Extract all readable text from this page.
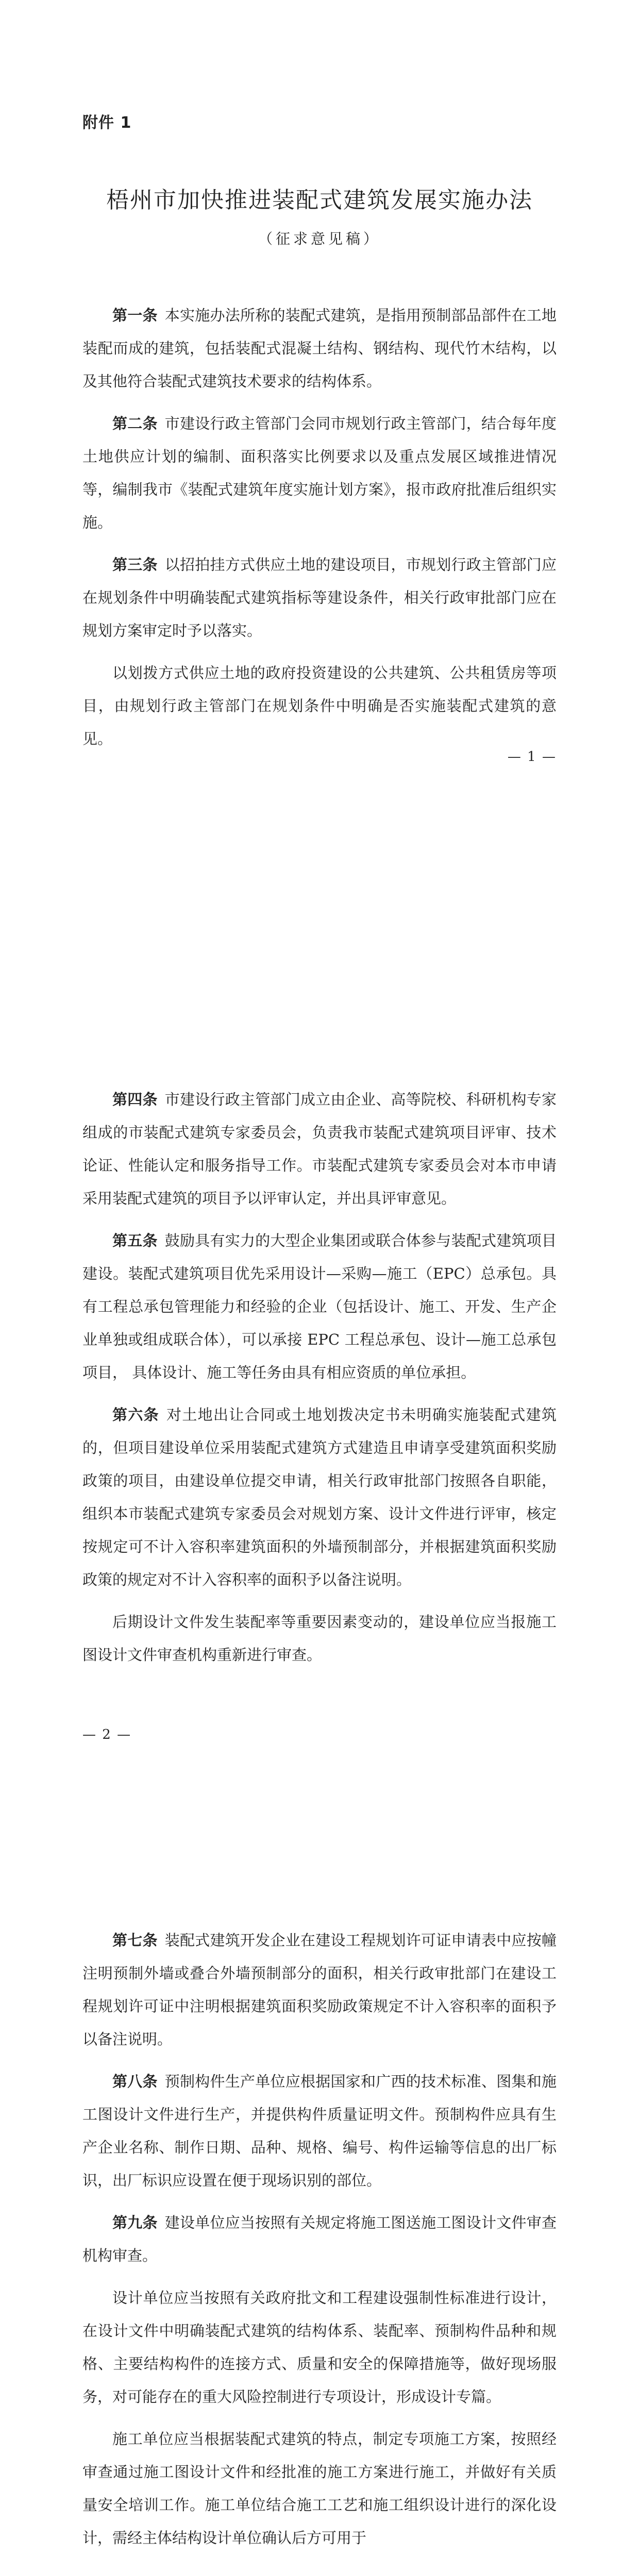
附件 1
梧州市加快推进装配式建筑发展实施办法
（征求意见稿）

第一条 本实施办法所称的装配式建筑，是指用预制部品部件在工地装配而成的建筑，包括装配式混凝土结构、钢结构、现代竹木结构，以及其他符合装配式建筑技术要求的结构体系。

第二条 市建设行政主管部门会同市规划行政主管部门，结合每年度土地供应计划的编制、面积落实比例要求以及重点发展区域推进情况等，编制我市《装配式建筑年度实施计划方案》，报市政府批准后组织实施。

第三条 以招拍挂方式供应土地的建设项目，市规划行政主管部门应在规划条件中明确装配式建筑指标等建设条件，相关行政审批部门应在规划方案审定时予以落实。

以划拨方式供应土地的政府投资建设的公共建筑、公共租赁房等项目，由规划行政主管部门在规划条件中明确是否实施装配式建筑的意见。

— 1 —

第四条 市建设行政主管部门成立由企业、高等院校、科研机构专家组成的市装配式建筑专家委员会，负责我市装配式建筑项目评审、技术论证、性能认定和服务指导工作。市装配式建筑专家委员会对本市申请采用装配式建筑的项目予以评审认定，并出具评审意见。

第五条 鼓励具有实力的大型企业集团或联合体参与装配式建筑项目建设。装配式建筑项目优先采用设计—采购—施工（EPC）总承包。具有工程总承包管理能力和经验的企业（包括设计、施工、开发、生产企业单独或组成联合体），可以承接 EPC 工程总承包、设计—施工总承包项目， 具体设计、施工等任务由具有相应资质的单位承担。

第六条 对土地出让合同或土地划拨决定书未明确实施装配式建筑的，但项目建设单位采用装配式建筑方式建造且申请享受建筑面积奖励政策的项目，由建设单位提交申请，相关行政审批部门按照各自职能，组织本市装配式建筑专家委员会对规划方案、设计文件进行评审，核定按规定可不计入容积率建筑面积的外墙预制部分，并根据建筑面积奖励政策的规定对不计入容积率的面积予以备注说明。

后期设计文件发生装配率等重要因素变动的，建设单位应当报施工图设计文件审查机构重新进行审查。

— 2 —

第七条 装配式建筑开发企业在建设工程规划许可证申请表中应按幢注明预制外墙或叠合外墙预制部分的面积，相关行政审批部门在建设工程规划许可证中注明根据建筑面积奖励政策规定不计入容积率的面积予以备注说明。

第八条 预制构件生产单位应根据国家和广西的技术标准、图集和施工图设计文件进行生产，并提供构件质量证明文件。预制构件应具有生产企业名称、制作日期、品种、规格、编号、构件运输等信息的出厂标识，出厂标识应设置在便于现场识别的部位。

第九条 建设单位应当按照有关规定将施工图送施工图设计文件审查机构审查。

设计单位应当按照有关政府批文和工程建设强制性标准进行设计，在设计文件中明确装配式建筑的结构体系、装配率、预制构件品种和规格、主要结构构件的连接方式、质量和安全的保障措施等，做好现场服务，对可能存在的重大风险控制进行专项设计，形成设计专篇。

施工单位应当根据装配式建筑的特点，制定专项施工方案，按照经审查通过施工图设计文件和经批准的施工方案进行施工，并做好有关质量安全培训工作。施工单位结合施工工艺和施工组织设计进行的深化设计，需经主体结构设计单位确认后方可用于
